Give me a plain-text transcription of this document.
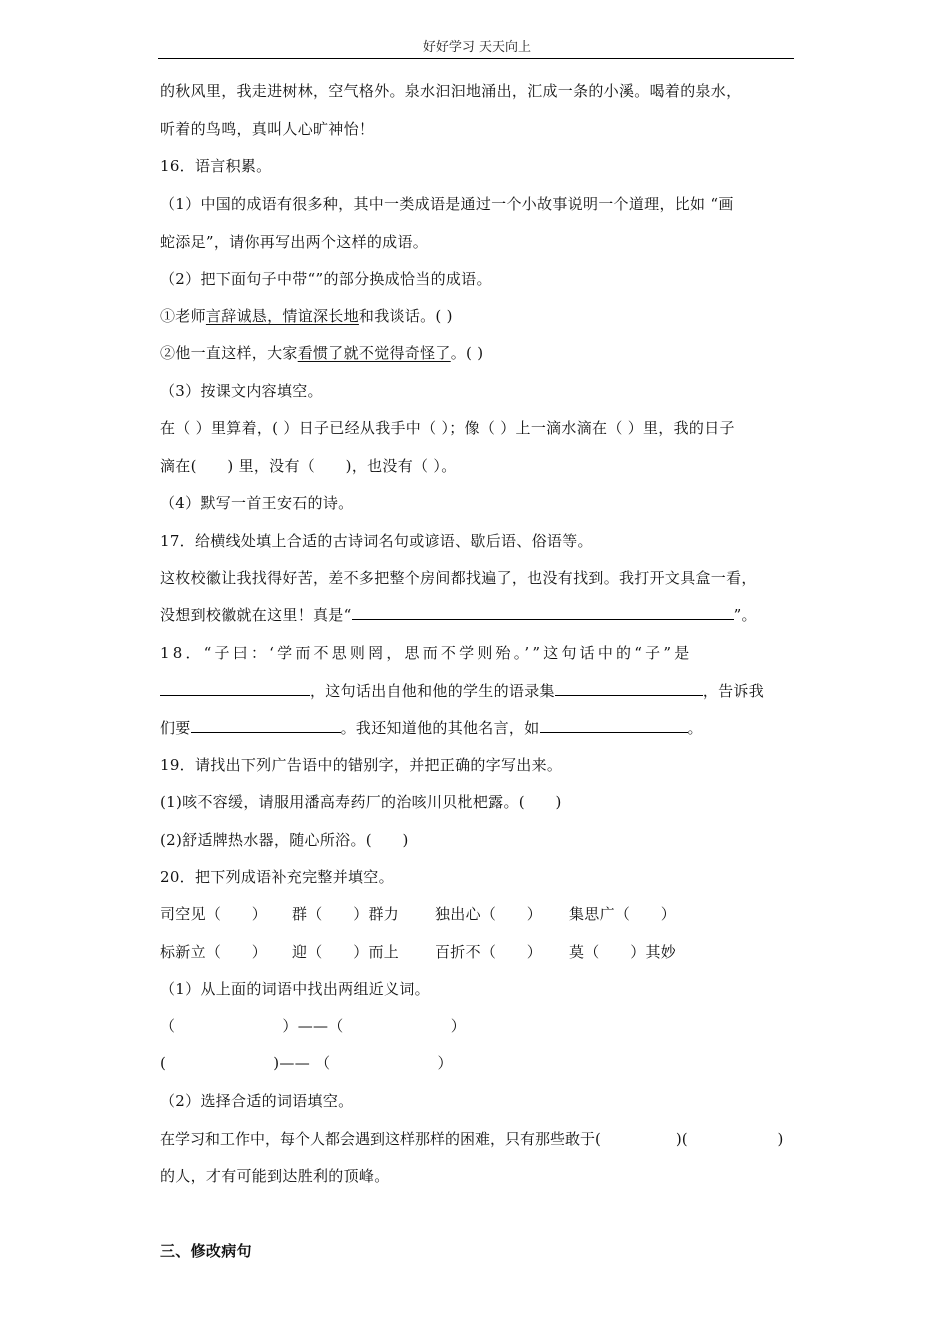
好好学习 天天向上
的秋风里，我走进树林，空气格外。泉水汩汩地涌出，汇成一条的小溪。喝着的泉水，
听着的鸟鸣，真叫人心旷神怡！
16．语言积累。
（1）中国的成语有很多种，其中一类成语是通过一个小故事说明一个道理，比如 “画
蛇添足”，请你再写出两个这样的成语。
（2）把下面句子中带“”的部分换成恰当的成语。
①老师言辞诚恳，情谊深长地和我谈话。( )
②他一直这样，大家看惯了就不觉得奇怪了。( )
（3）按课文内容填空。
在（ ）里算着，( ）日子已经从我手中（ ）；像（ ）上一滴水滴在（ ）里，我的日子
滴在(　　) 里，没有（　　)，也没有（ ）。
（4）默写一首王安石的诗。
17．给横线处填上合适的古诗词名句或谚语、歇后语、俗语等。
这枚校徽让我找得好苦，差不多把整个房间都找遍了，也没有找到。我打开文具盒一看，
没想到校徽就在这里！真是“	”。
18．“子曰：‘学而不思则罔，思而不学则殆。’”这句话中的“子”是
，这句话出自他和他的学生的语录集	，告诉我
们要	。我还知道他的其他名言，如	。
19．请找出下列广告语中的错别字，并把正确的字写出来。
(1)咳不容缓，请服用潘高寿药厂的治咳川贝枇杷露。(　　)
(2)舒适牌热水器，随心所浴。(　　)
20．把下列成语补充完整并填空。
司空见（　　） 群（　　）群力 独出心（　　） 集思广（　　）
标新立（　　） 迎（　　）而上 百折不（　　） 莫（　　）其妙
（1）从上面的词语中找出两组近义词。
（　　　　　　　）——（　　　　　　　）
(　　　　　　　)—— （　　　　　　　）
（2）选择合适的词语填空。
在学习和工作中，每个人都会遇到这样那样的困难，只有那些敢于(　　　　　)(　　　　　　)
的人，才有可能到达胜利的顶峰。
三、修改病句
